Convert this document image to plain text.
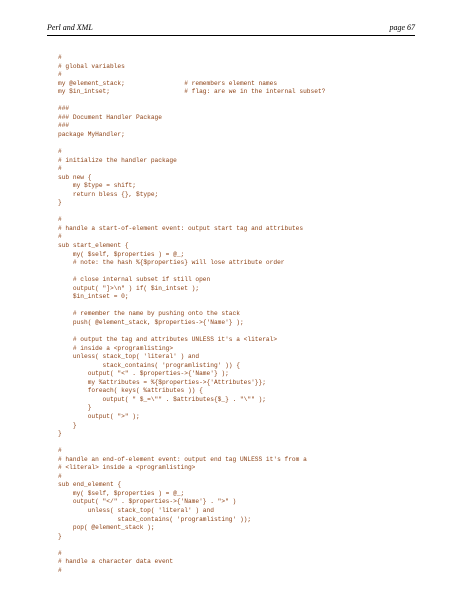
Perl and XML	page 67
#
# global variables
#
my @element_stack;                # remembers element names
my $in_intset;                    # flag: are we in the internal subset?
###
### Document Handler Package
###
package MyHandler;
#
# initialize the handler package
#
sub new {
my $type = shift;
return bless {}, $type;
}
#
# handle a start-of-element event: output start tag and attributes
#
sub start_element {
my( $self, $properties ) = @_;
# note: the hash %{$properties} will lose attribute order
# close internal subset if still open
output( "]>\n" ) if( $in_intset );
$in_intset = 0;
# remember the name by pushing onto the stack
push( @element_stack, $properties->{'Name'} );
# output the tag and attributes UNLESS it's a <literal>
# inside a <programlisting>
unless( stack_top( 'literal' ) and
stack_contains( 'programlisting' )) {
output( "<" . $properties->{'Name'} );
my %attributes = %{$properties->{'Attributes'}};
foreach( keys( %attributes )) {
output( " $_=\"" . $attributes{$_} . "\"" );
}
output( ">" );
}
}
#
# handle an end-of-element event: output end tag UNLESS it's from a
# <literal> inside a <programlisting>
#
sub end_element {
my( $self, $properties ) = @_;
output( "</" . $properties->{'Name'} . ">" )
unless( stack_top( 'literal' ) and
stack_contains( 'programlisting' ));
pop( @element_stack );
}
#
# handle a character data event
#
